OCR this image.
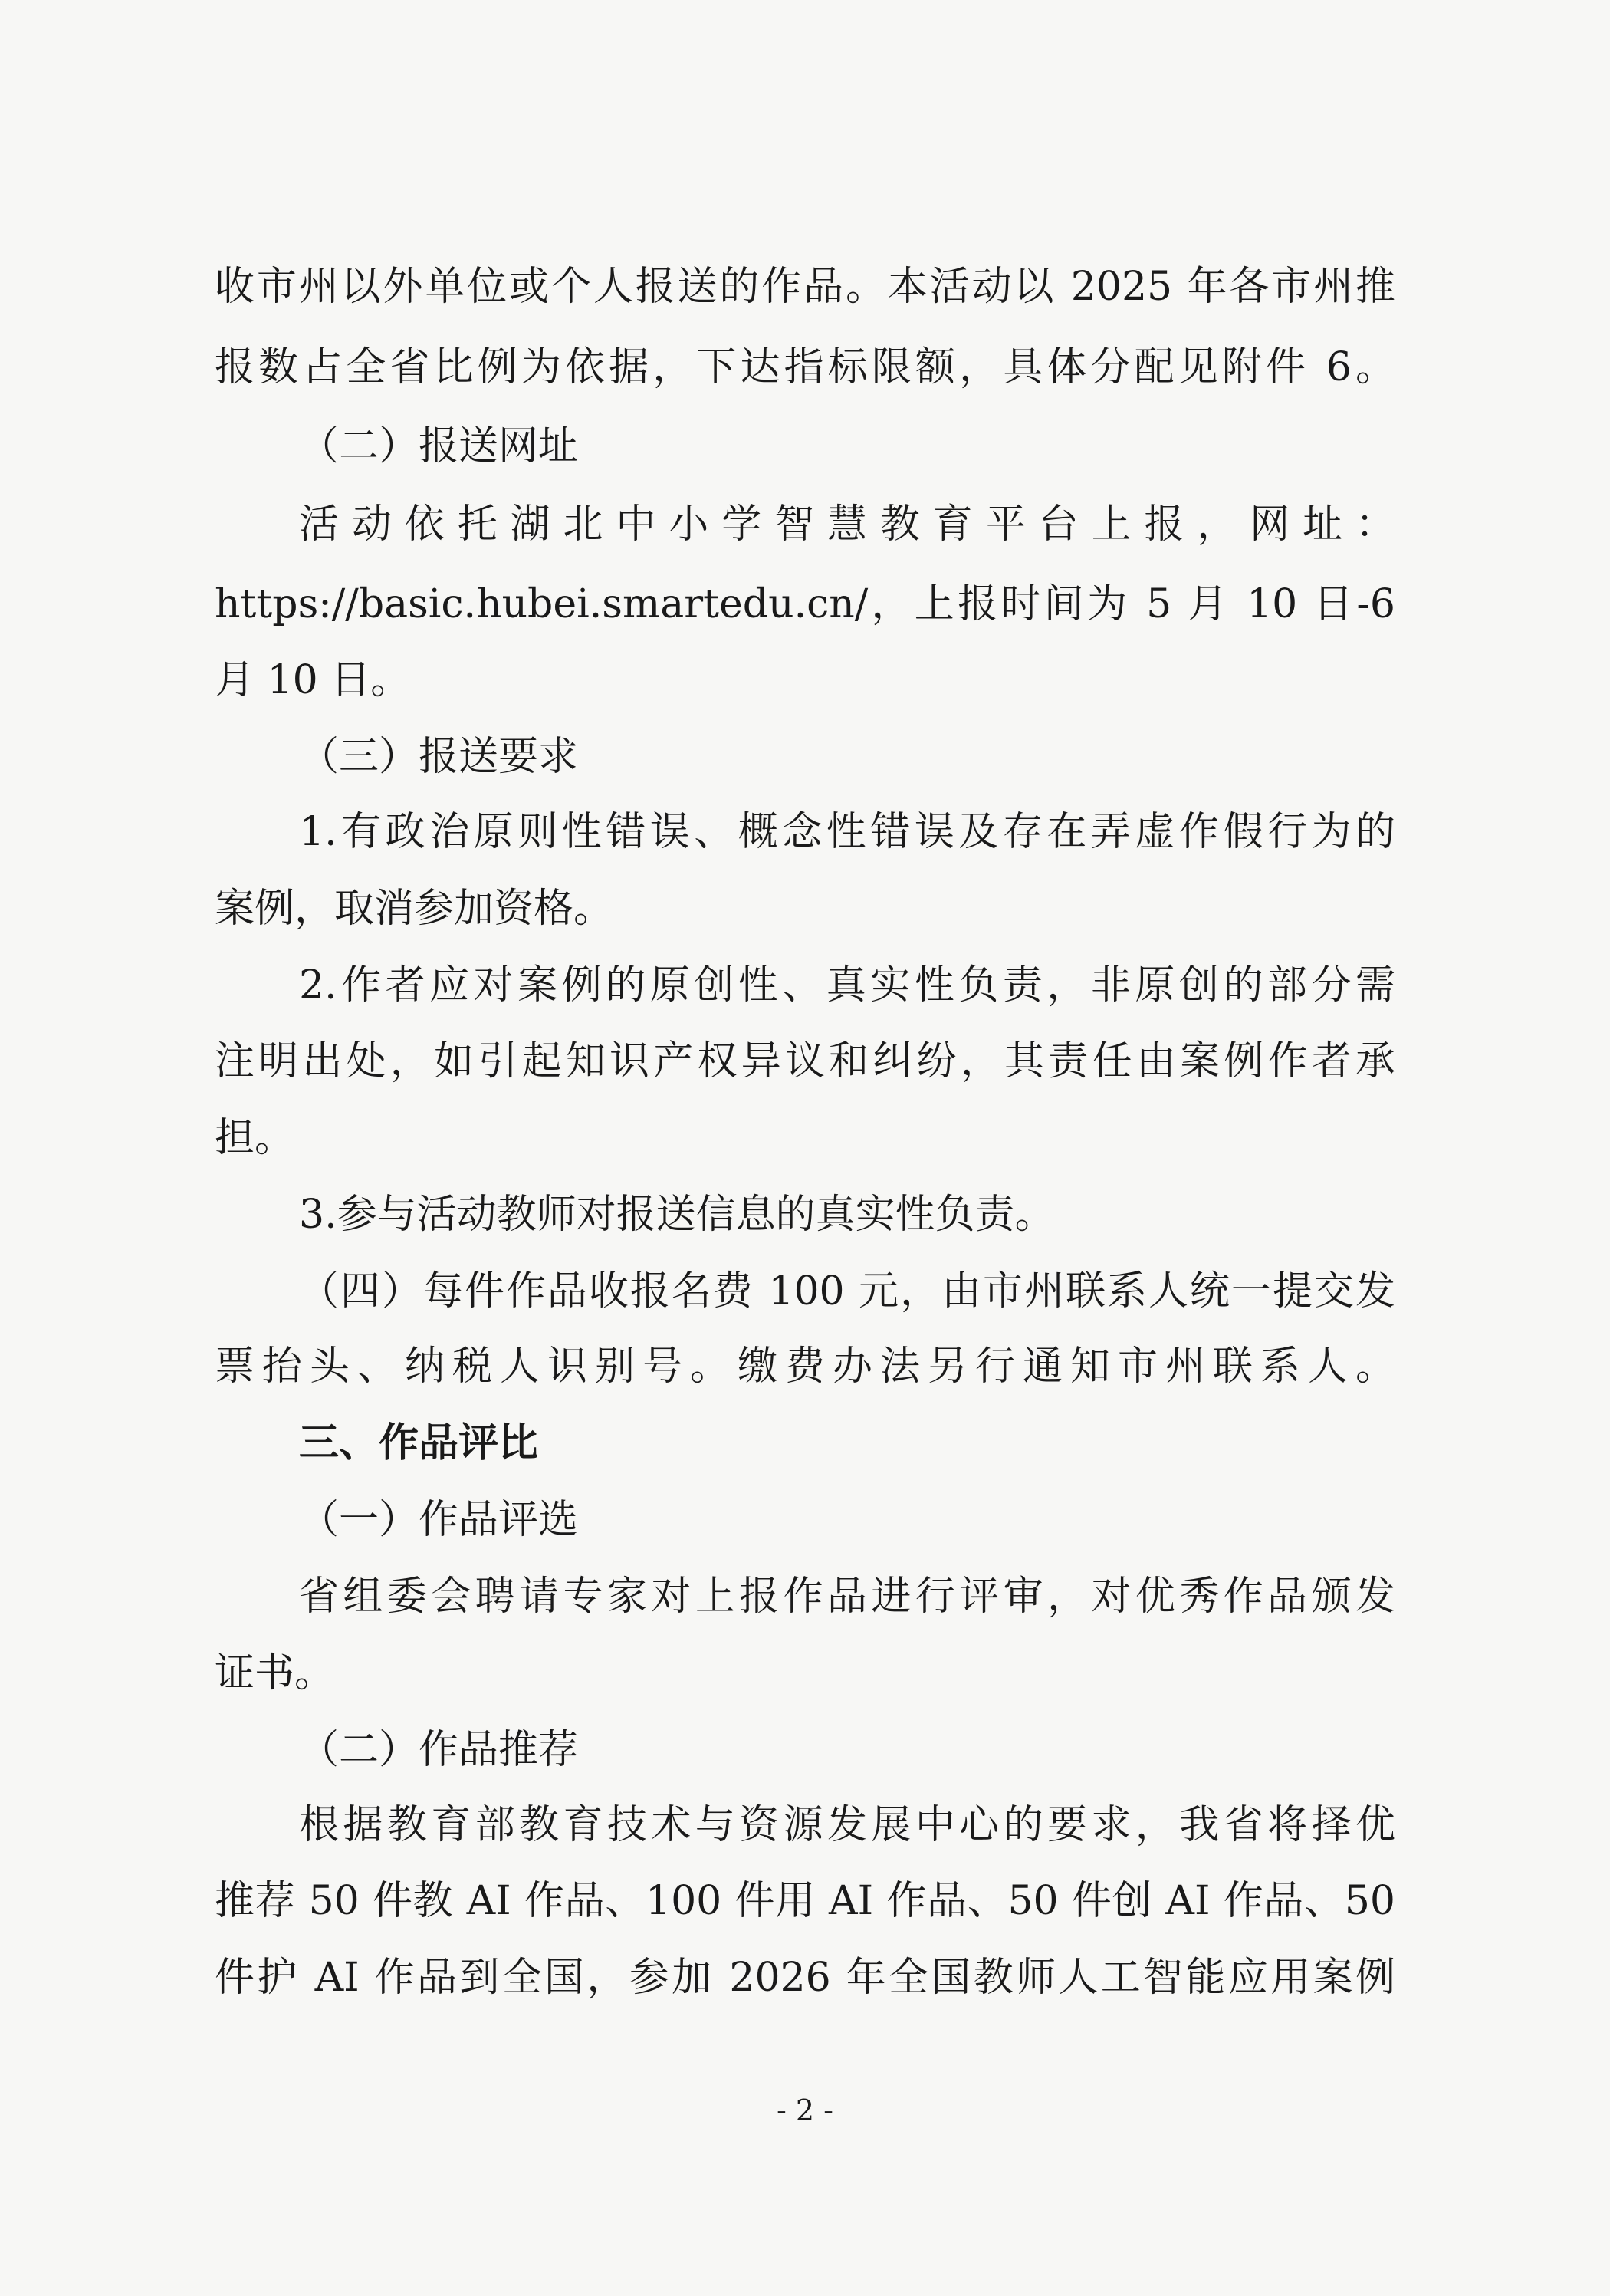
收市州以外单位或个人报送的作品。本活动以 2025 年各市州推

报数占全省比例为依据，下达指标限额，具体分配见附件 6。

（二）报送网址

活动依托湖北中小学智慧教育平台上报，网址：

https://basic.hubei.smartedu.cn/，上报时间为 5 月 10 日-6

月 10 日。

（三）报送要求

1.有政治原则性错误、概念性错误及存在弄虚作假行为的

案例，取消参加资格。

2.作者应对案例的原创性、真实性负责，非原创的部分需

注明出处，如引起知识产权异议和纠纷，其责任由案例作者承

担。

3.参与活动教师对报送信息的真实性负责。

（四）每件作品收报名费 100 元，由市州联系人统一提交发

票抬头、纳税人识别号。缴费办法另行通知市州联系人。

三、作品评比

（一）作品评选

省组委会聘请专家对上报作品进行评审，对优秀作品颁发

证书。

（二）作品推荐

根据教育部教育技术与资源发展中心的要求，我省将择优

推荐 50 件教 AI 作品、100 件用 AI 作品、50 件创 AI 作品、50

件护 AI 作品到全国，参加 2026 年全国教师人工智能应用案例

- 2 -
